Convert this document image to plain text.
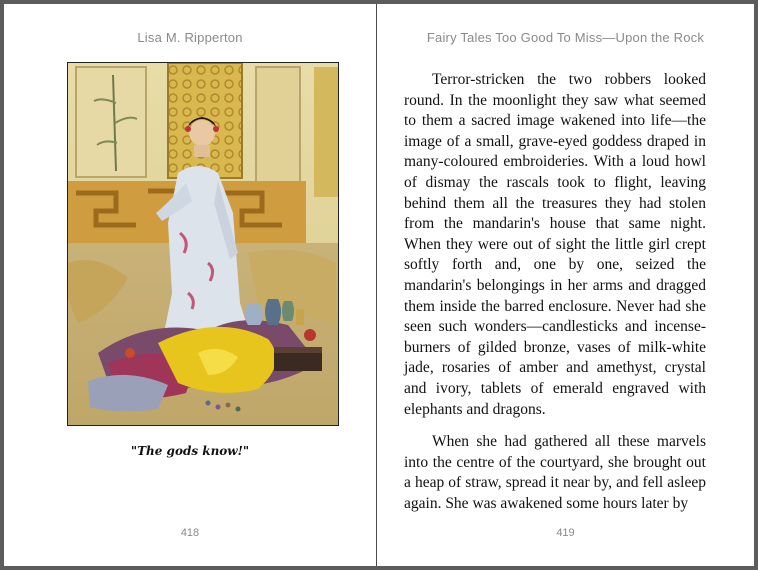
Lisa M. Ripperton
"The gods know!"
418
Fairy Tales Too Good To Miss—Upon the Rock

Terror-stricken the two robbers looked round. In the moonlight they saw what seemed to them a sacred image wakened into life—the image of a small, grave-eyed goddess draped in many-coloured embroideries. With a loud howl of dismay the rascals took to flight, leaving behind them all the treasures they had stolen from the mandarin's house that same night. When they were out of sight the little girl crept softly forth and, one by one, seized the mandarin's belongings in her arms and dragged them inside the barred enclosure. Never had she seen such wonders—candlesticks and incense-burners of gilded bronze, vases of milk-white jade, rosaries of amber and amethyst, crystal and ivory, tablets of emerald engraved with elephants and dragons.

When she had gathered all these marvels into the centre of the courtyard, she brought out a heap of straw, spread it near by, and fell asleep again. She was awakened some hours later by

419
